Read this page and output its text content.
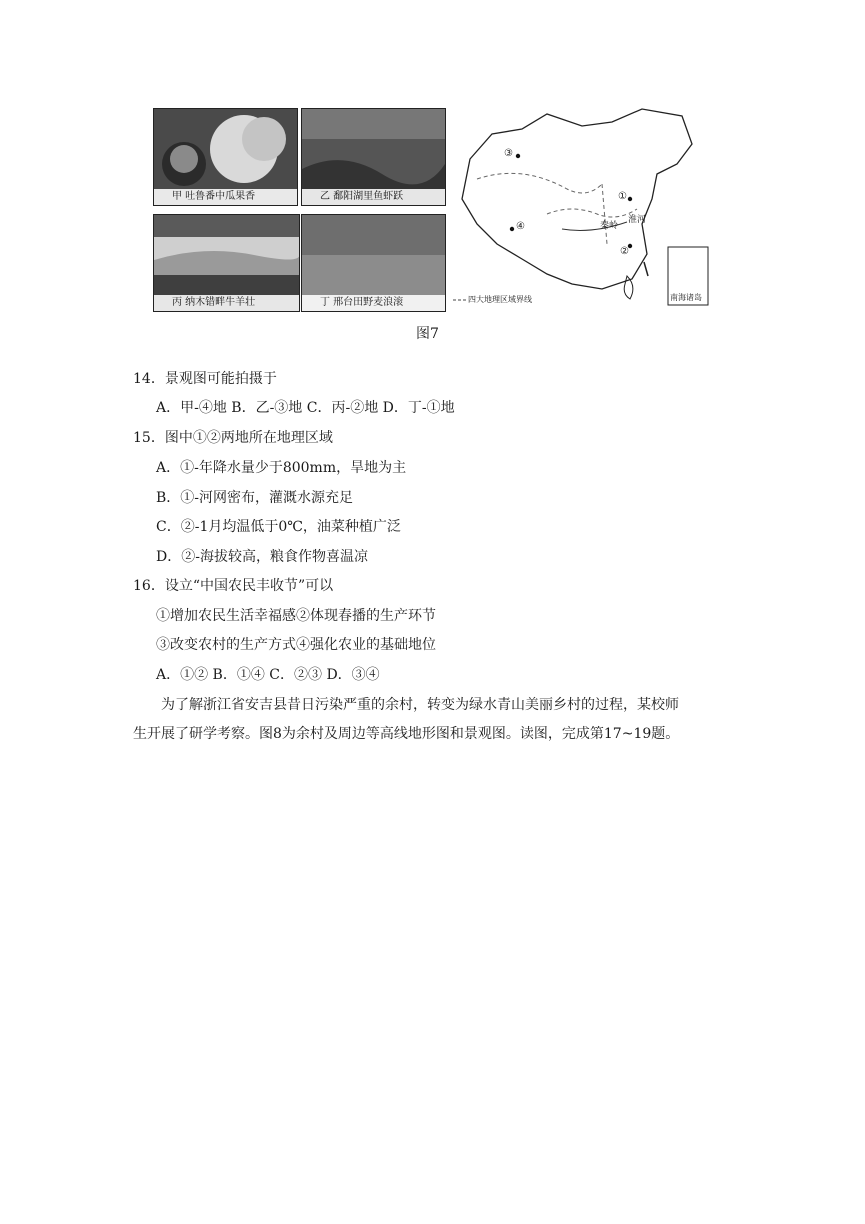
甲 吐鲁番中瓜果香	乙 鄱阳湖里鱼虾跃
丙 纳木错畔牛羊壮	丁 邢台田野麦浪滚
③
④
①
②
秦岭
淮河
四大地理区域界线	南海诸岛
图7
14．景观图可能拍摄于
A．甲-④地 B．乙-③地 C．丙-②地 D．丁-①地
15．图中①②两地所在地理区域
A．①-年降水量少于800mm，旱地为主
B．①-河网密布，灌溉水源充足
C．②-1月均温低于0℃，油菜种植广泛
D．②-海拔较高，粮食作物喜温凉
16．设立“中国农民丰收节”可以
①增加农民生活幸福感②体现春播的生产环节
③改变农村的生产方式④强化农业的基础地位
A．①② B．①④ C．②③ D．③④
为了解浙江省安吉县昔日污染严重的余村，转变为绿水青山美丽乡村的过程，某校师
生开展了研学考察。图8为余村及周边等高线地形图和景观图。读图，完成第17~19题。
